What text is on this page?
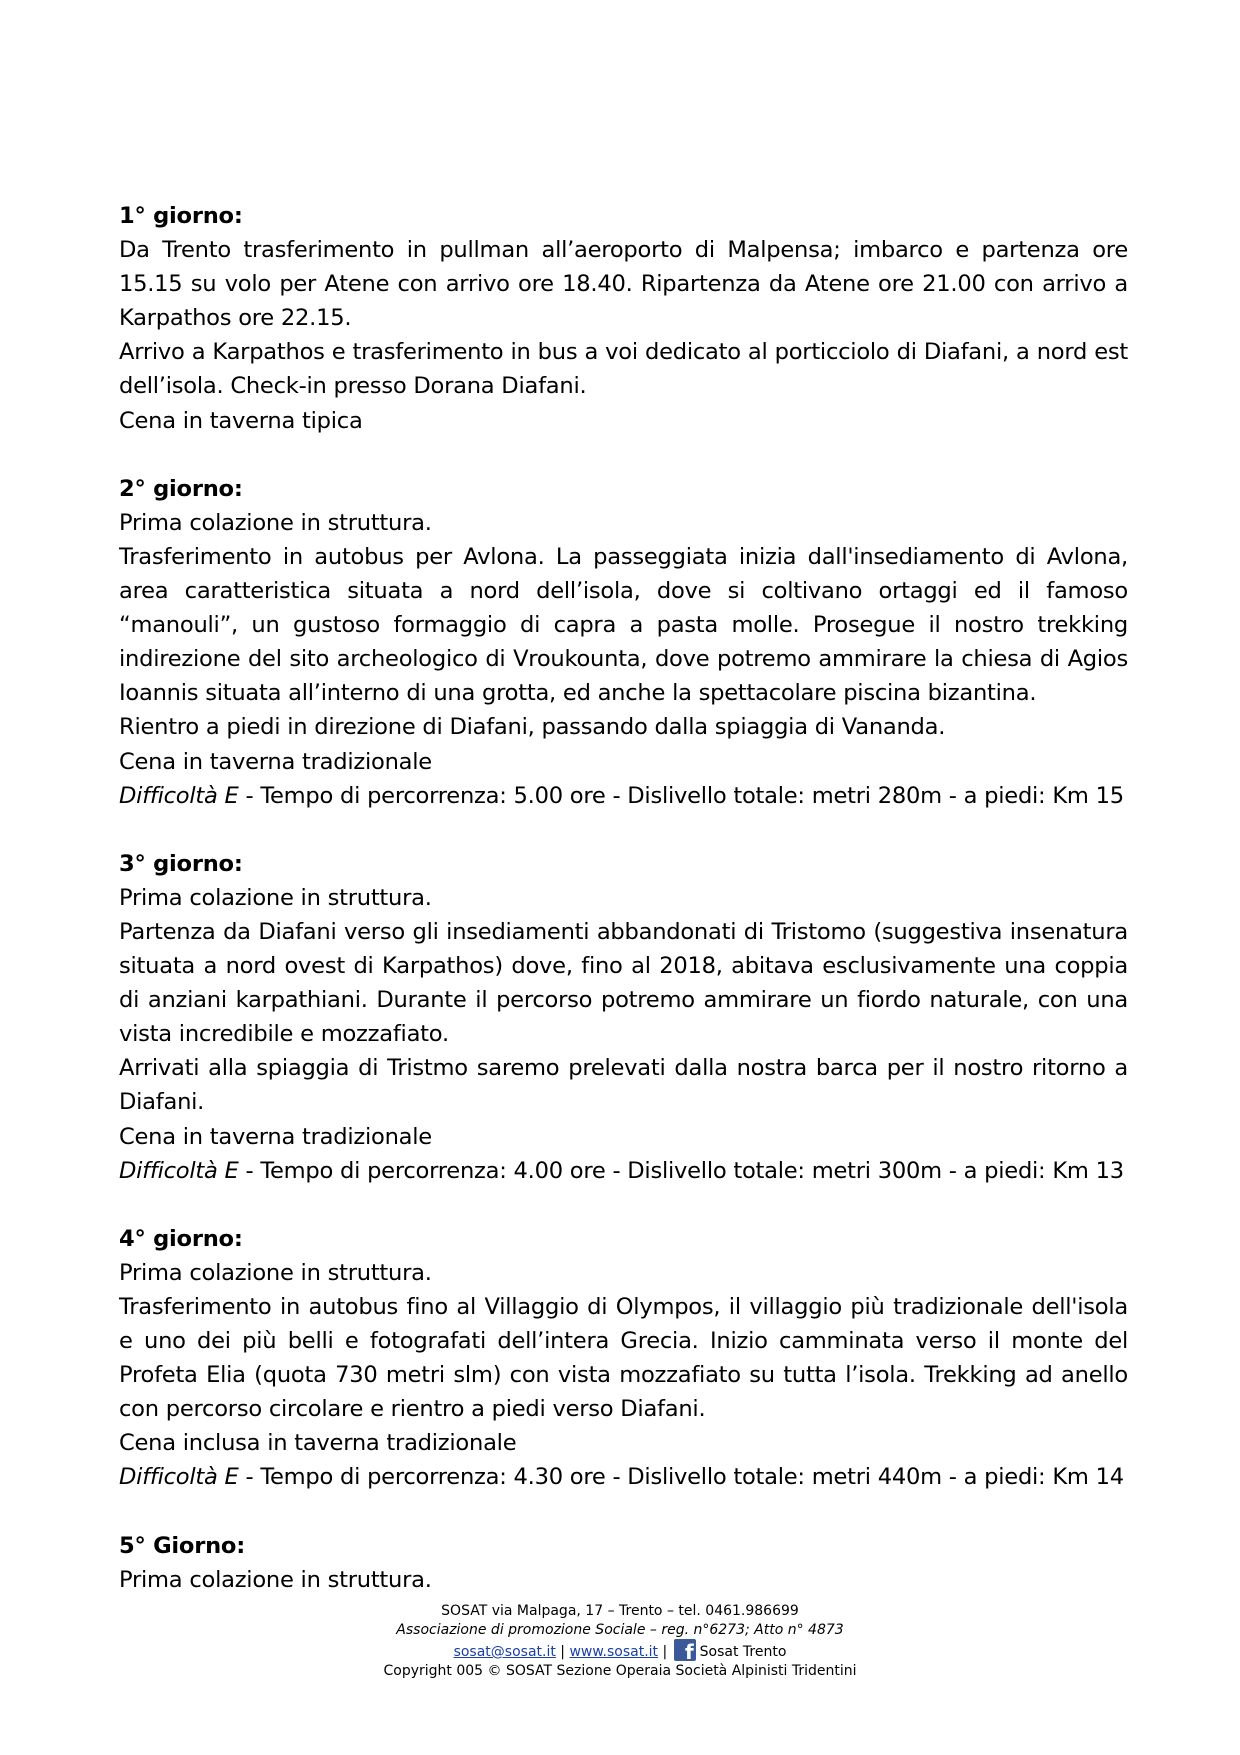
1° giorno:
Da Trento trasferimento in pullman all’aeroporto di Malpensa; imbarco e partenza ore 15.15 su volo per Atene con arrivo ore 18.40. Ripartenza da Atene ore 21.00 con arrivo a Karpathos ore 22.15.
Arrivo a Karpathos e trasferimento in bus a voi dedicato al porticciolo di Diafani, a nord est dell’isola. Check-in presso Dorana Diafani.
Cena in taverna tipica
2° giorno:
Prima colazione in struttura.
Trasferimento in autobus per Avlona. La passeggiata inizia dall'insediamento di Avlona, area caratteristica situata a nord dell’isola, dove si coltivano ortaggi ed il famoso “manouli”, un gustoso formaggio di capra a pasta molle. Prosegue il nostro trekking indirezione del sito archeologico di Vroukounta, dove potremo ammirare la chiesa di Agios Ioannis situata all’interno di una grotta, ed anche la spettacolare piscina bizantina.
Rientro a piedi in direzione di Diafani, passando dalla spiaggia di Vananda.
Cena in taverna tradizionale
Difficoltà E - Tempo di percorrenza: 5.00 ore - Dislivello totale: metri 280m - a piedi: Km 15
3° giorno:
Prima colazione in struttura.
Partenza da Diafani verso gli insediamenti abbandonati di Tristomo (suggestiva insenatura situata a nord ovest di Karpathos) dove, fino al 2018, abitava esclusivamente una coppia di anziani karpathiani. Durante il percorso potremo ammirare un fiordo naturale, con una vista incredibile e mozzafiato.
Arrivati alla spiaggia di Tristmo saremo prelevati dalla nostra barca per il nostro ritorno a Diafani.
Cena in taverna tradizionale
Difficoltà E - Tempo di percorrenza: 4.00 ore - Dislivello totale: metri 300m - a piedi: Km 13
4° giorno:
Prima colazione in struttura.
Trasferimento in autobus fino al Villaggio di Olympos, il villaggio più tradizionale dell'isola e uno dei più belli e fotografati dell’intera Grecia. Inizio camminata verso il monte del Profeta Elia (quota 730 metri slm) con vista mozzafiato su tutta l’isola. Trekking ad anello con percorso circolare e rientro a piedi verso Diafani.
Cena inclusa in taverna tradizionale
Difficoltà E - Tempo di percorrenza: 4.30 ore - Dislivello totale: metri 440m - a piedi: Km 14
5° Giorno:
Prima colazione in struttura.
SOSAT via Malpaga, 17 – Trento – tel. 0461.986699
Associazione di promozione Sociale – reg. n°6273; Atto n° 4873
sosat@sosat.it | www.sosat.it | f Sosat Trento
Copyright 005 © SOSAT Sezione Operaia Società Alpinisti Tridentini
